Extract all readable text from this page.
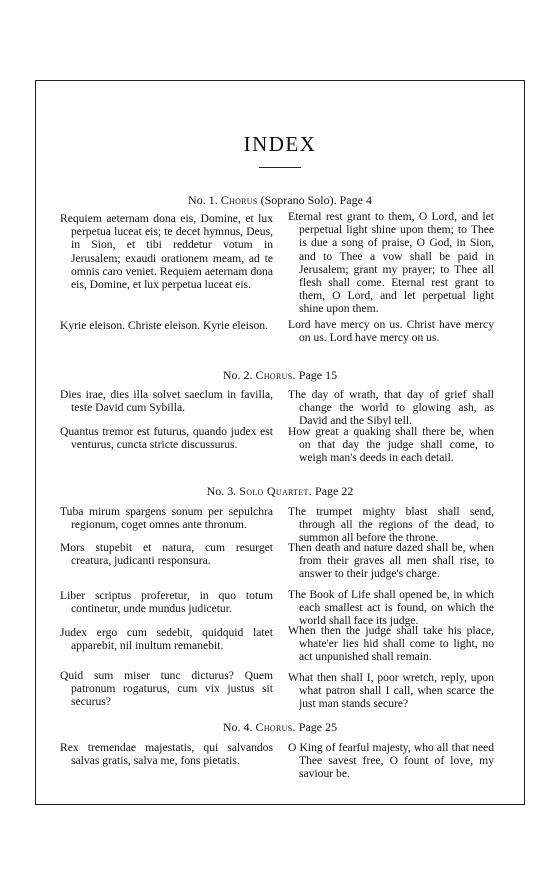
INDEX
No. 1. Chorus (Soprano Solo). Page 4

Requiem aeternam dona eis, Domine, et lux perpetua luceat eis; te decet hymnus, Deus, in Sion, et tibi reddetur votum in Jerusalem; exaudi orationem meam, ad te omnis caro veniet. Requiem aeternam dona eis, Domine, et lux perpetua luceat eis.

Eternal rest grant to them, O Lord, and let perpetual light shine upon them; to Thee is due a song of praise, O God, in Sion, and to Thee a vow shall be paid in Jerusalem; grant my prayer; to Thee all flesh shall come. Eternal rest grant to them, O Lord, and let perpetual light shine upon them.

Kyrie eleison. Christe eleison. Kyrie eleison.	Lord have mercy on us. Christ have mercy on us. Lord have mercy on us.

No. 2. Chorus. Page 15

Dies irae, dies illa solvet saeclum in favilla, teste David cum Sybilla.

The day of wrath, that day of grief shall change the world to glowing ash, as David and the Sibyl tell.

Quantus tremor est futurus, quando judex est venturus, cuncta stricte discussurus.

How great a quaking shall there be, when on that day the judge shall come, to weigh man's deeds in each detail.

No. 3. Solo Quartet. Page 22

Tuba mirum spargens sonum per sepulchra regionum, coget omnes ante thronum.

The trumpet mighty blast shall send, through all the regions of the dead, to summon all before the throne.

Mors stupebit et natura, cum resurget creatura, judicanti responsura.

Then death and nature dazed shall be, when from their graves all men shall rise, to answer to their judge's charge.

Liber scriptus proferetur, in quo totum continetur, unde mundus judicetur.

The Book of Life shall opened be, in which each smallest act is found, on which the world shall face its judge.

Judex ergo cum sedebit, quidquid latet apparebit, nil inultum remanebit.

When then the judge shall take his place, whate'er lies hid shall come to light, no act unpunished shall remain.

Quid sum miser tunc dicturus? Quem patronum rogaturus, cum vix justus sit securus?

What then shall I, poor wretch, reply, upon what patron shall I call, when scarce the just man stands secure?

No. 4. Chorus. Page 25

Rex tremendae majestatis, qui salvandos salvas gratis, salva me, fons pietatis.

O King of fearful majesty, who all that need Thee savest free, O fount of love, my saviour be.
